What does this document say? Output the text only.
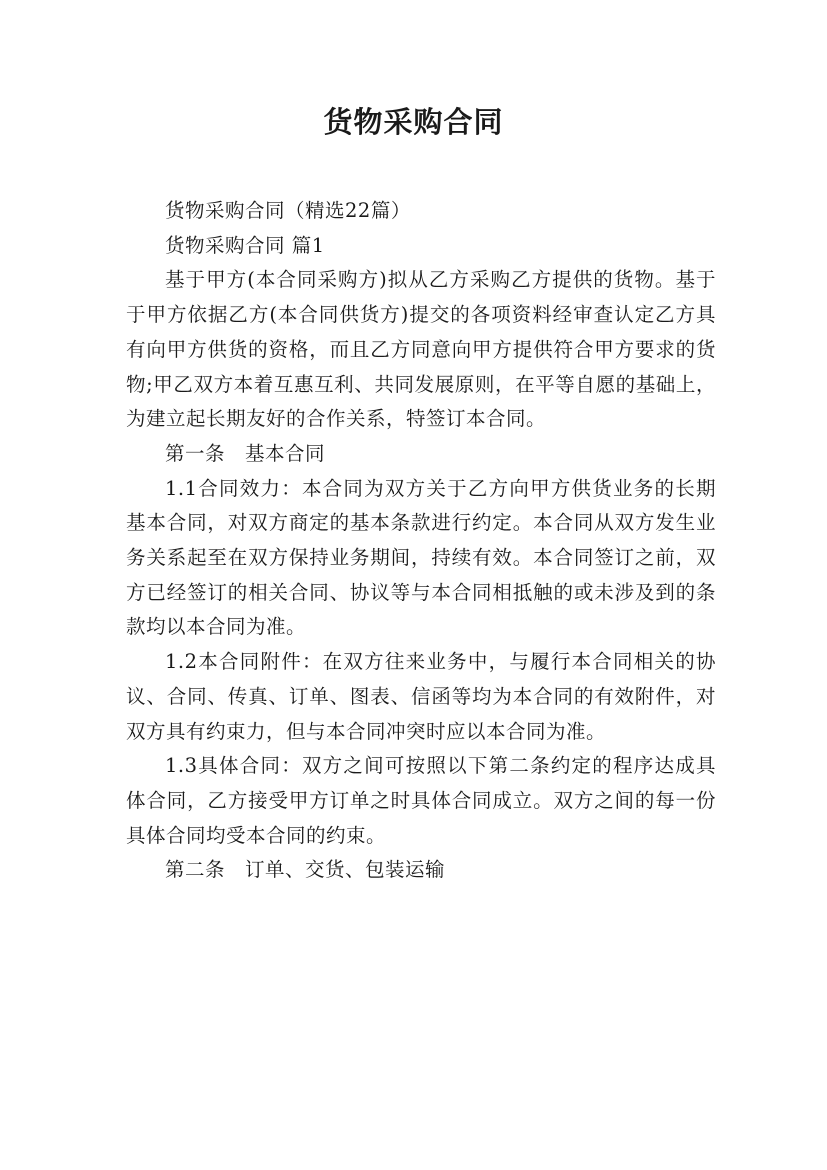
货物采购合同

货物采购合同（精选22篇）

货物采购合同 篇1

基于甲方(本合同采购方)拟从乙方采购乙方提供的货物。基于于甲方依据乙方(本合同供货方)提交的各项资料经审查认定乙方具有向甲方供货的资格，而且乙方同意向甲方提供符合甲方要求的货物;甲乙双方本着互惠互利、共同发展原则，在平等自愿的基础上，为建立起长期友好的合作关系，特签订本合同。

第一条　基本合同

1.1合同效力：本合同为双方关于乙方向甲方供货业务的长期基本合同，对双方商定的基本条款进行约定。本合同从双方发生业务关系起至在双方保持业务期间，持续有效。本合同签订之前，双方已经签订的相关合同、协议等与本合同相抵触的或未涉及到的条款均以本合同为准。

1.2本合同附件：在双方往来业务中，与履行本合同相关的协议、合同、传真、订单、图表、信函等均为本合同的有效附件，对双方具有约束力，但与本合同冲突时应以本合同为准。

1.3具体合同：双方之间可按照以下第二条约定的程序达成具体合同，乙方接受甲方订单之时具体合同成立。双方之间的每一份具体合同均受本合同的约束。

第二条　订单、交货、包装运输
